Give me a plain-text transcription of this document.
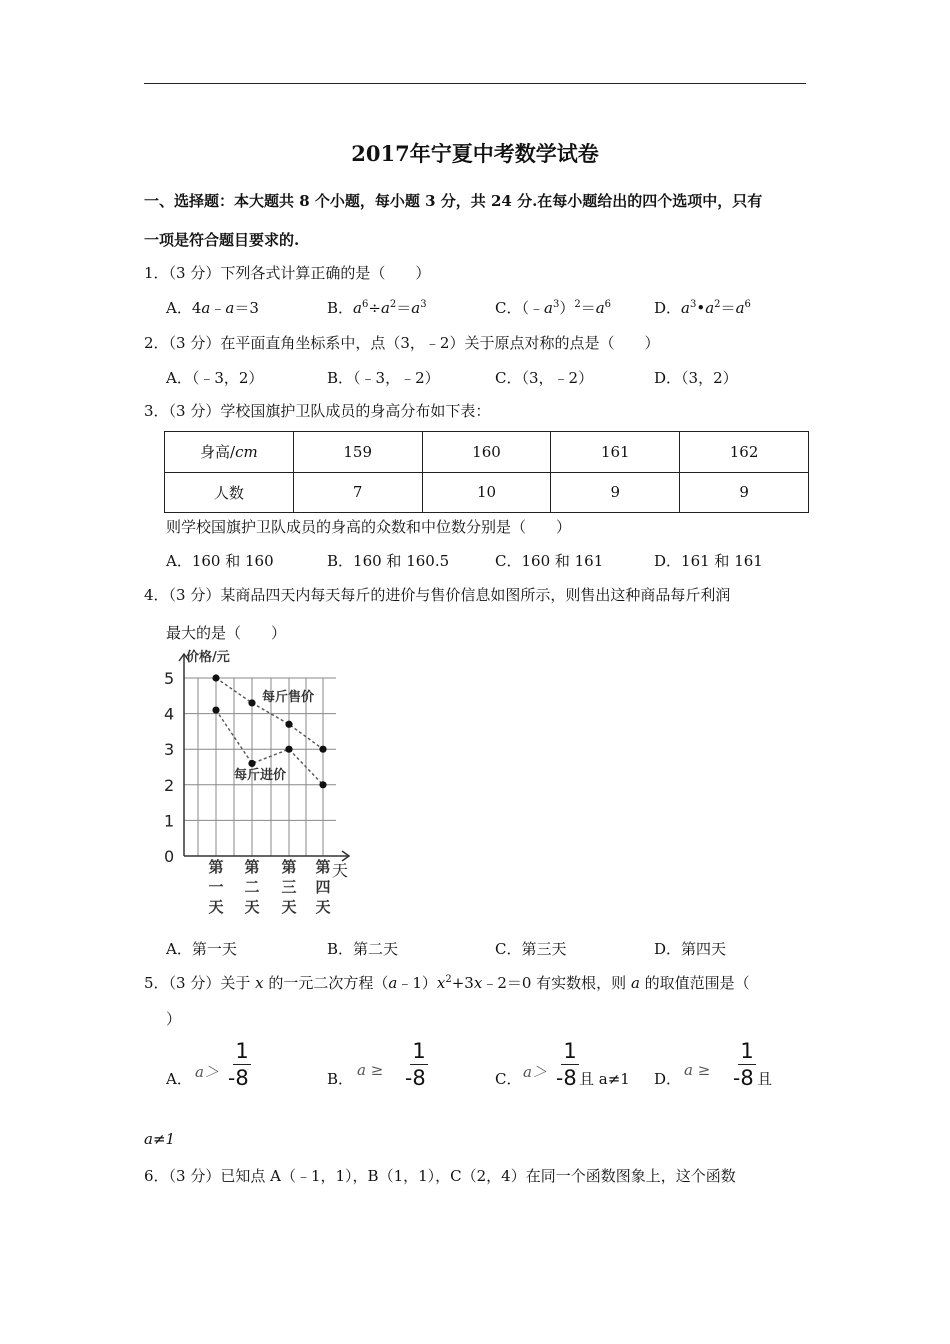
2017年宁夏中考数学试卷
一、选择题：本大题共 8 个小题，每小题 3 分，共 24 分.在每小题给出的四个选项中，只有
一项是符合题目要求的.
1．（3 分）下列各式计算正确的是（　　）
A．4a﹣a＝3	B．$a^6\div a^2=a^3$	C．$(﹣a^3)^2=a^6$	D．$a^3•a^2=a^6$
2．（3 分）在平面直角坐标系中，点（3，﹣2）关于原点对称的点是（　　）
A．（﹣3，2）	B．（﹣3，﹣2）	C．（3，﹣2）	D．（3，2）
3．（3 分）学校国旗护卫队成员的身高分布如下表：
身高/cm	159	160	161	162
人数	7	10	9	9
则学校国旗护卫队成员的身高的众数和中位数分别是（　　）
A．160 和 160	B．160 和 160.5	C．160 和 161	D．161 和 161
4．（3 分）某商品四天内每天每斤的进价与售价信息如图所示，则售出这种商品每斤利润
最大的是（　　）
0
1
2
3
4
5
价格/元
天
第
一
天
第
二
天
第
三
天
第
四
天
每斤售价
每斤进价
A．第一天	B．第二天	C．第三天	D．第四天
5．（3 分）关于 x 的一元二次方程$(a﹣1)x^2+3x﹣2=0$ 有实数根，则 a 的取值范围是（
）
A． a＞ -
1
8	B． a ≥ -
1
8	C． a＞ -
1
8 且 a≠1 D． a ≥ -
1
8 且
a≠1
6．（3 分）已知点 A（﹣1，1），B（1，1），C（2，4）在同一个函数图象上，这个函数
